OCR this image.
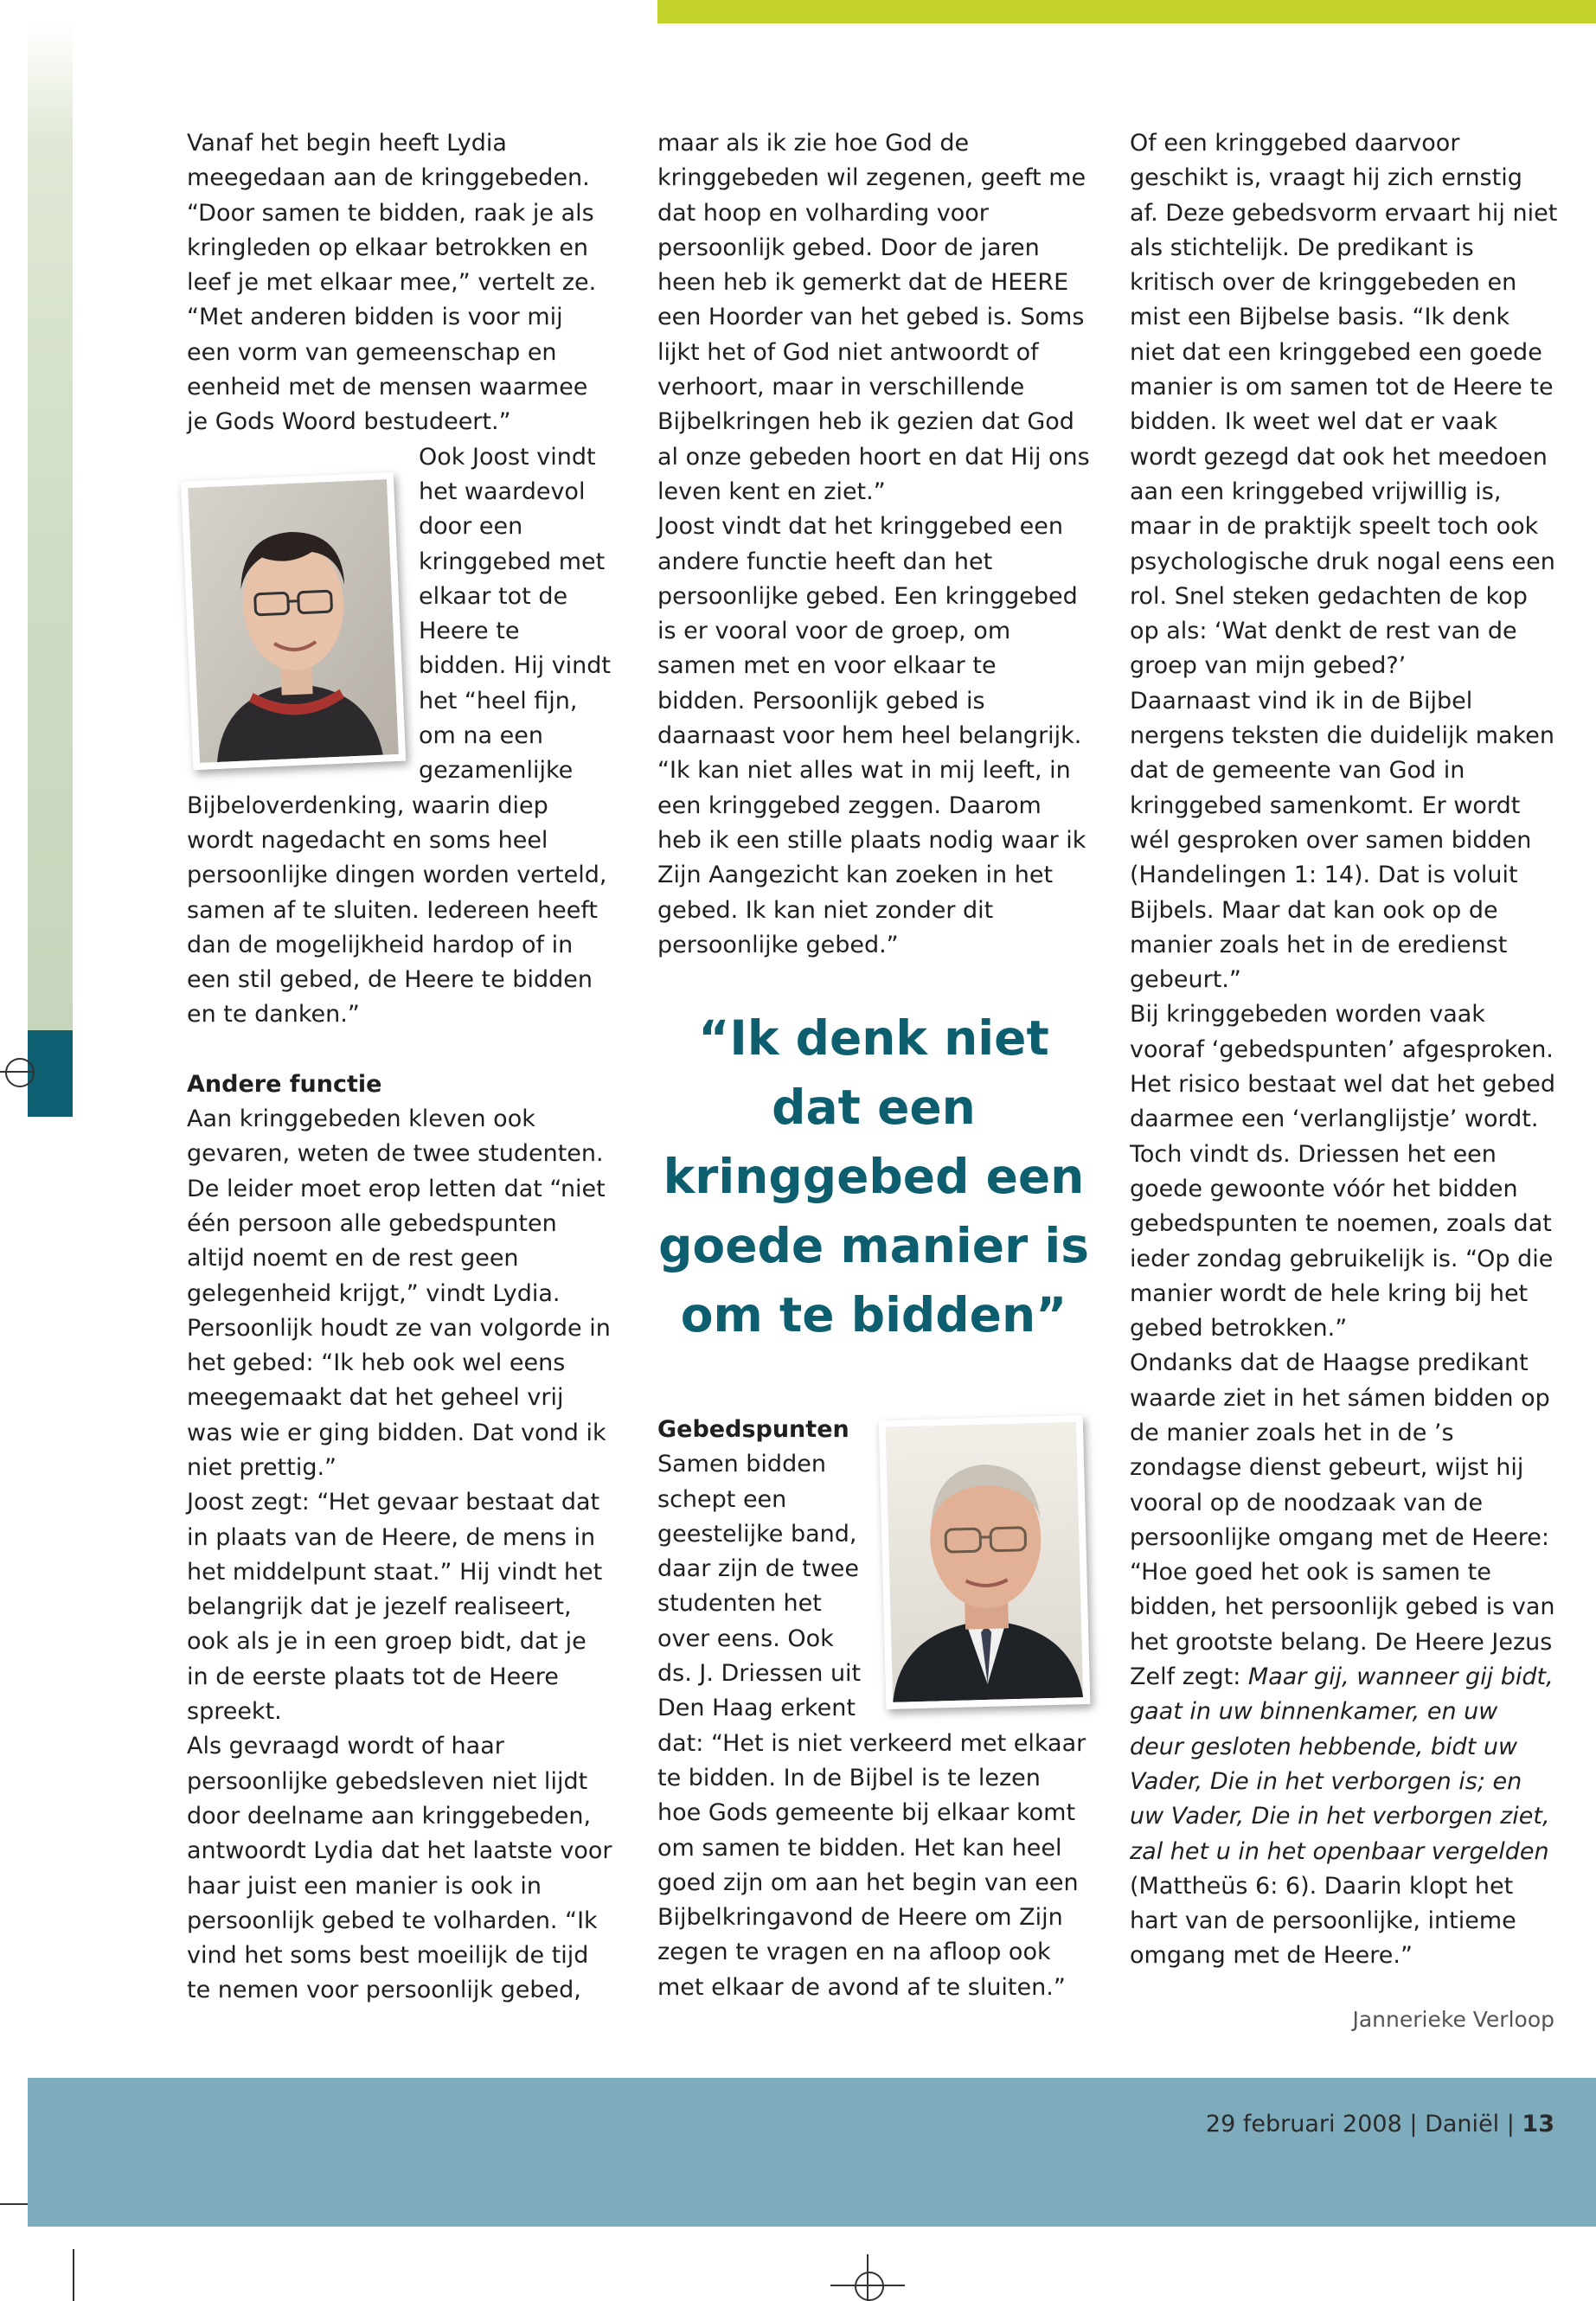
Vanaf het begin heeft Lydia meegedaan aan de kringgebeden. “Door samen te bidden, raak je als kringleden op elkaar betrokken en leef je met elkaar mee,” vertelt ze. “Met anderen bidden is voor mij een vorm van gemeenschap en eenheid met de mensen waarmee je Gods Woord bestudeert.”

Ook Joost vindt het waardevol door een kringgebed met elkaar tot de Heere te bidden. Hij vindt het “heel fijn, om na een gezamenlijke Bijbeloverdenking, waarin diep wordt nagedacht en soms heel persoonlijke dingen worden verteld, samen af te sluiten. Iedereen heeft dan de mogelijkheid hardop of in een stil gebed, de Heere te bidden en te danken.”

Andere functie

Aan kringgebeden kleven ook gevaren, weten de twee studenten. De leider moet erop letten dat “niet één persoon alle gebedspunten altijd noemt en de rest geen gelegenheid krijgt,” vindt Lydia. Persoonlijk houdt ze van volgorde in het gebed: “Ik heb ook wel eens meegemaakt dat het geheel vrij was wie er ging bidden. Dat vond ik niet prettig.”

Joost zegt: “Het gevaar bestaat dat in plaats van de Heere, de mens in het middelpunt staat.” Hij vindt het belangrijk dat je jezelf realiseert, ook als je in een groep bidt, dat je in de eerste plaats tot de Heere spreekt.

Als gevraagd wordt of haar persoonlijke gebedsleven niet lijdt door deelname aan kringgebeden, antwoordt Lydia dat het laatste voor haar juist een manier is ook in persoonlijk gebed te volharden. “Ik vind het soms best moeilijk de tijd te nemen voor persoonlijk gebed,

maar als ik zie hoe God de kringgebeden wil zegenen, geeft me dat hoop en volharding voor persoonlijk gebed. Door de jaren heen heb ik gemerkt dat de HEERE een Hoorder van het gebed is. Soms lijkt het of God niet antwoordt of verhoort, maar in verschillende Bijbelkringen heb ik gezien dat God al onze gebeden hoort en dat Hij ons leven kent en ziet.”

Joost vindt dat het kringgebed een andere functie heeft dan het persoonlijke gebed. Een kringgebed is er vooral voor de groep, om samen met en voor elkaar te bidden. Persoonlijk gebed is daarnaast voor hem heel belangrijk. “Ik kan niet alles wat in mij leeft, in een kringgebed zeggen. Daarom heb ik een stille plaats nodig waar ik Zijn Aangezicht kan zoeken in het gebed. Ik kan niet zonder dit persoonlijke gebed.”

“Ik denk niet dat een kringgebed een goede manier is om te bidden”
Gebedspunten

Samen bidden schept een geestelijke band, daar zijn de twee studenten het over eens. Ook ds. J. Driessen uit Den Haag erkent dat: “Het is niet verkeerd met elkaar te bidden. In de Bijbel is te lezen hoe Gods gemeente bij elkaar komt om samen te bidden. Het kan heel goed zijn om aan het begin van een Bijbelkringavond de Heere om Zijn zegen te vragen en na afloop ook met elkaar de avond af te sluiten.”

Of een kringgebed daarvoor geschikt is, vraagt hij zich ernstig af. Deze gebedsvorm ervaart hij niet als stichtelijk. De predikant is kritisch over de kringgebeden en mist een Bijbelse basis. “Ik denk niet dat een kringgebed een goede manier is om samen tot de Heere te bidden. Ik weet wel dat er vaak wordt gezegd dat ook het meedoen aan een kringgebed vrijwillig is, maar in de praktijk speelt toch ook psychologische druk nogal eens een rol. Snel steken gedachten de kop op als: ‘Wat denkt de rest van de groep van mijn gebed?’

Daarnaast vind ik in de Bijbel nergens teksten die duidelijk maken dat de gemeente van God in kringgebed samenkomt. Er wordt wél gesproken over samen bidden (Handelingen 1: 14). Dat is voluit Bijbels. Maar dat kan ook op de manier zoals het in de eredienst gebeurt.”

Bij kringgebeden worden vaak vooraf ‘gebedspunten’ afgesproken. Het risico bestaat wel dat het gebed daarmee een ‘verlanglijstje’ wordt. Toch vindt ds. Driessen het een goede gewoonte vóór het bidden gebedspunten te noemen, zoals dat ieder zondag gebruikelijk is. “Op die manier wordt de hele kring bij het gebed betrokken.”

Ondanks dat de Haagse predikant waarde ziet in het sámen bidden op de manier zoals het in de ’s zondagse dienst gebeurt, wijst hij vooral op de noodzaak van de persoonlijke omgang met de Heere: “Hoe goed het ook is samen te bidden, het persoonlijk gebed is van het grootste belang. De Heere Jezus Zelf zegt: Maar gij, wanneer gij bidt, gaat in uw binnenkamer, en uw deur gesloten hebbende, bidt uw Vader, Die in het verborgen is; en uw Vader, Die in het verborgen ziet, zal het u in het openbaar vergelden (Mattheüs 6: 6). Daarin klopt het hart van de persoonlijke, intieme omgang met de Heere.”

Jannerieke Verloop
29 februari 2008 | Daniël | 13
